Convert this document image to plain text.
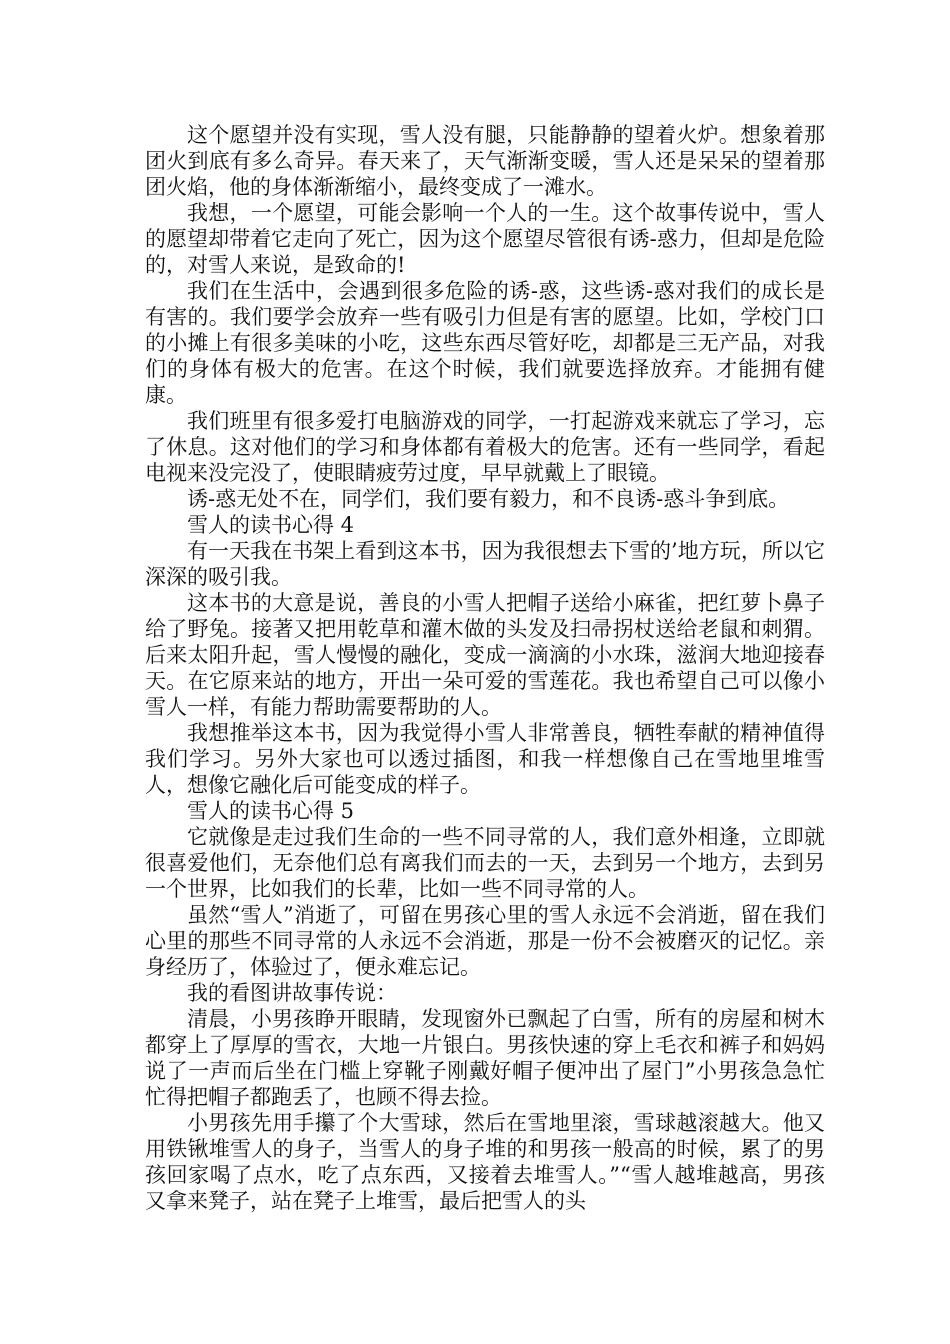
这个愿望并没有实现，雪人没有腿，只能静静的望着火炉。想象着那团火到底有多么奇异。春天来了，天气渐渐变暖，雪人还是呆呆的望着那团火焰，他的身体渐渐缩小，最终变成了一滩水。

我想，一个愿望，可能会影响一个人的一生。这个故事传说中，雪人的愿望却带着它走向了死亡，因为这个愿望尽管很有诱-惑力，但却是危险的，对雪人来说，是致命的!

我们在生活中，会遇到很多危险的诱-惑，这些诱-惑对我们的成长是有害的。我们要学会放弃一些有吸引力但是有害的愿望。比如，学校门口的小摊上有很多美味的小吃，这些东西尽管好吃，却都是三无产品，对我们的身体有极大的危害。在这个时候，我们就要选择放弃。才能拥有健康。

我们班里有很多爱打电脑游戏的同学，一打起游戏来就忘了学习，忘了休息。这对他们的学习和身体都有着极大的危害。还有一些同学，看起电视来没完没了，使眼睛疲劳过度，早早就戴上了眼镜。

诱-惑无处不在，同学们，我们要有毅力，和不良诱-惑斗争到底。

雪人的读书心得 4

有一天我在书架上看到这本书，因为我很想去下雪的’地方玩，所以它深深的吸引我。

这本书的大意是说，善良的小雪人把帽子送给小麻雀，把红萝卜鼻子给了野兔。接著又把用乾草和灌木做的头发及扫帚拐杖送给老鼠和刺猬。后来太阳升起，雪人慢慢的融化，变成一滴滴的小水珠，滋润大地迎接春天。在它原来站的地方，开出一朵可爱的雪莲花。我也希望自己可以像小雪人一样，有能力帮助需要帮助的人。

我想推举这本书，因为我觉得小雪人非常善良，牺牲奉献的精神值得我们学习。另外大家也可以透过插图，和我一样想像自己在雪地里堆雪人，想像它融化后可能变成的样子。

雪人的读书心得 5

它就像是走过我们生命的一些不同寻常的人，我们意外相逢，立即就很喜爱他们，无奈他们总有离我们而去的一天，去到另一个地方，去到另一个世界，比如我们的长辈，比如一些不同寻常的人。

虽然“雪人”消逝了，可留在男孩心里的雪人永远不会消逝，留在我们心里的那些不同寻常的人永远不会消逝，那是一份不会被磨灭的记忆。亲身经历了，体验过了，便永难忘记。

我的看图讲故事传说：

清晨，小男孩睁开眼睛，发现窗外已飘起了白雪，所有的房屋和树木都穿上了厚厚的雪衣，大地一片银白。男孩快速的穿上毛衣和裤子和妈妈说了一声而后坐在门槛上穿靴子刚戴好帽子便冲出了屋门”小男孩急急忙忙得把帽子都跑丢了，也顾不得去捡。

小男孩先用手攥了个大雪球，然后在雪地里滚，雪球越滚越大。他又用铁锹堆雪人的身子，当雪人的身子堆的和男孩一般高的时候，累了的男孩回家喝了点水，吃了点东西，又接着去堆雪人。”“雪人越堆越高，男孩又拿来凳子，站在凳子上堆雪，最后把雪人的头
